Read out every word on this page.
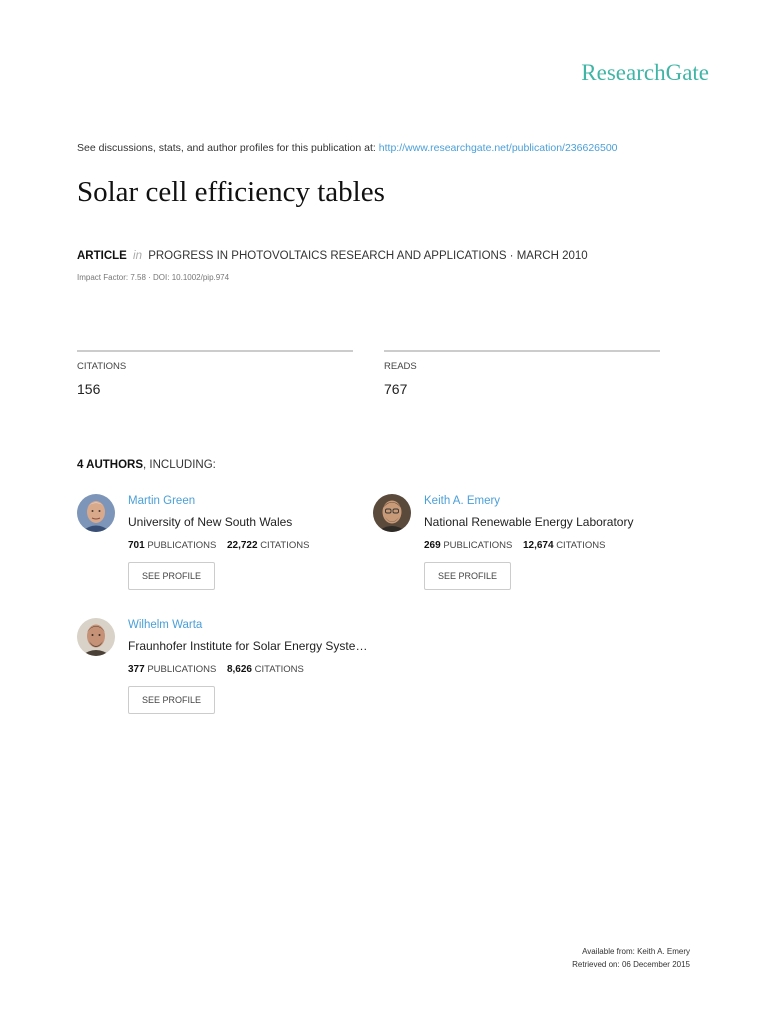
ResearchGate
See discussions, stats, and author profiles for this publication at: http://www.researchgate.net/publication/236626500
Solar cell efficiency tables
ARTICLE in PROGRESS IN PHOTOVOLTAICS RESEARCH AND APPLICATIONS · MARCH 2010
Impact Factor: 7.58 · DOI: 10.1002/pip.974
CITATIONS
156
READS
767
4 AUTHORS, INCLUDING:
Martin Green
University of New South Wales
701 PUBLICATIONS 22,722 CITATIONS
SEE PROFILE
Keith A. Emery
National Renewable Energy Laboratory
269 PUBLICATIONS 12,674 CITATIONS
SEE PROFILE
Wilhelm Warta
Fraunhofer Institute for Solar Energy Syste…
377 PUBLICATIONS 8,626 CITATIONS
SEE PROFILE
Available from: Keith A. Emery
Retrieved on: 06 December 2015
